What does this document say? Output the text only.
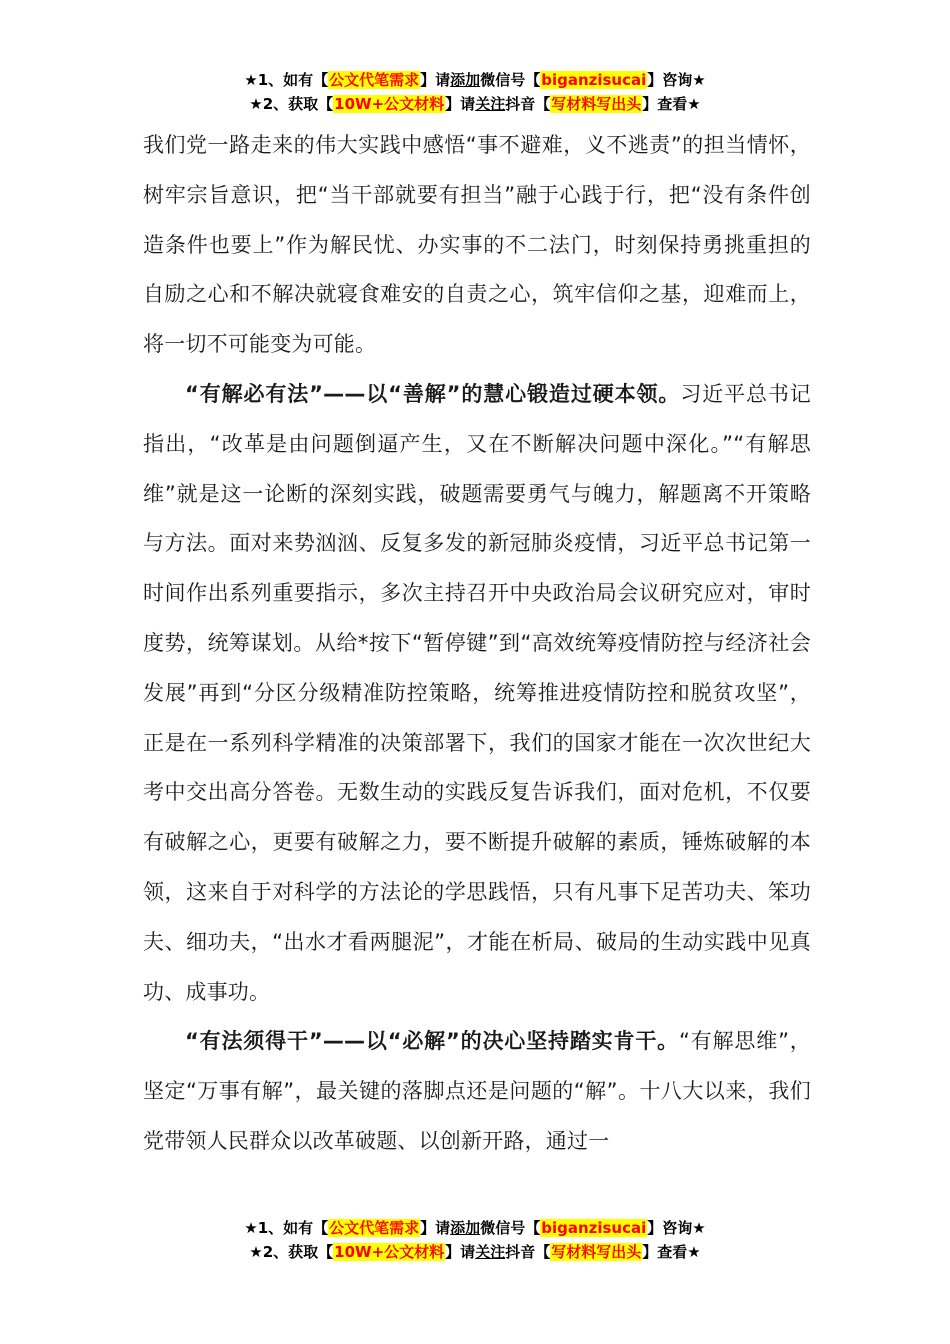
★1、如有【公文代笔需求】请添加微信号【biganzisucai】咨询★
★2、获取【10W+公文材料】请关注抖音【写材料写出头】查看★

我们党一路走来的伟大实践中感悟“事不避难，义不逃责”的担当情怀，树牢宗旨意识，把“当干部就要有担当”融于心践于行，把“没有条件创造条件也要上”作为解民忧、办实事的不二法门，时刻保持勇挑重担的自励之心和不解决就寝食难安的自责之心，筑牢信仰之基，迎难而上，将一切不可能变为可能。

“有解必有法”——以“善解”的慧心锻造过硬本领。习近平总书记指出，“改革是由问题倒逼产生，又在不断解决问题中深化。”“有解思维”就是这一论断的深刻实践，破题需要勇气与魄力，解题离不开策略与方法。面对来势汹汹、反复多发的新冠肺炎疫情，习近平总书记第一时间作出系列重要指示，多次主持召开中央政治局会议研究应对，审时度势，统筹谋划。从给*按下“暂停键”到“高效统筹疫情防控与经济社会发展”再到“分区分级精准防控策略，统筹推进疫情防控和脱贫攻坚”，正是在一系列科学精准的决策部署下，我们的国家才能在一次次世纪大考中交出高分答卷。无数生动的实践反复告诉我们，面对危机，不仅要有破解之心，更要有破解之力，要不断提升破解的素质，锤炼破解的本领，这来自于对科学的方法论的学思践悟，只有凡事下足苦功夫、笨功夫、细功夫，“出水才看两腿泥”，才能在析局、破局的生动实践中见真功、成事功。

“有法须得干”——以“必解”的决心坚持踏实肯干。“有解思维”，坚定“万事有解”，最关键的落脚点还是问题的“解”。十八大以来，我们党带领人民群众以改革破题、以创新开路，通过一

★1、如有【公文代笔需求】请添加微信号【biganzisucai】咨询★
★2、获取【10W+公文材料】请关注抖音【写材料写出头】查看★
